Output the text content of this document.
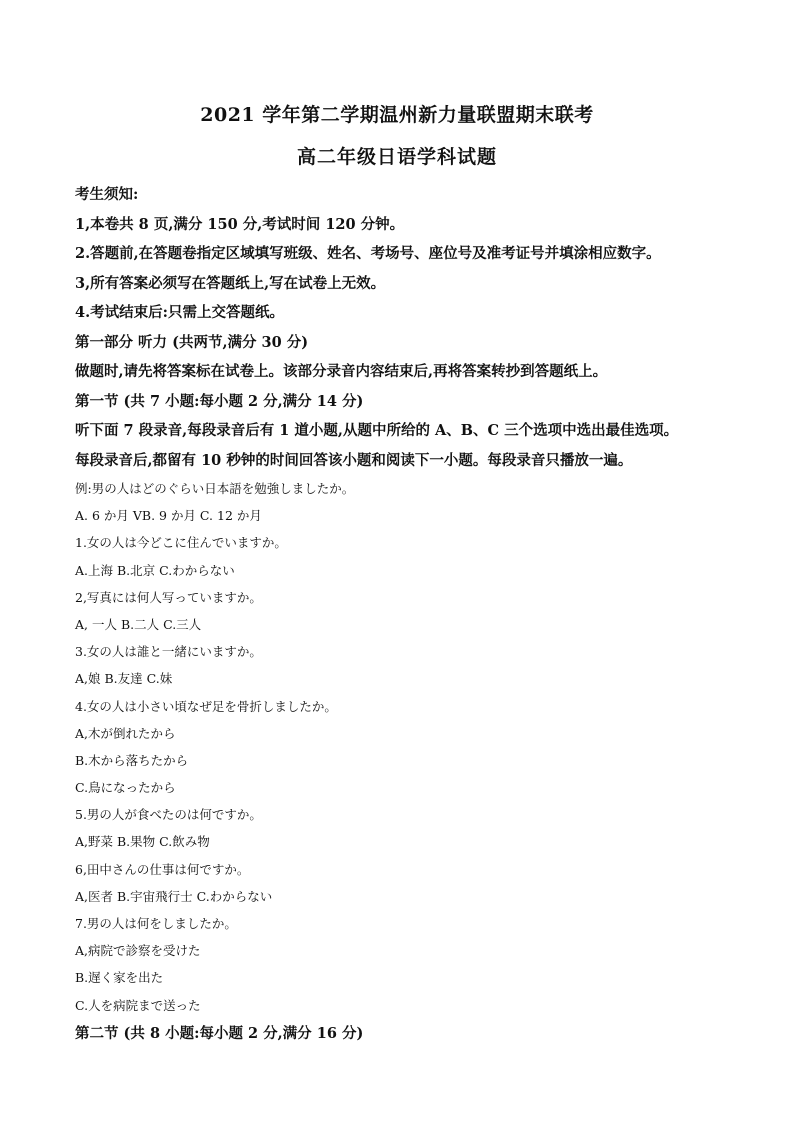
2021 学年第二学期温州新力量联盟期末联考
高二年级日语学科试题
考生须知:
1,本卷共 8 页,满分 150 分,考试时间 120 分钟。
2.答题前,在答题卷指定区域填写班级、姓名、考场号、座位号及准考证号并填涂相应数字。
3,所有答案必须写在答题纸上,写在试卷上无效。
4.考试结束后:只需上交答题纸。
第一部分 听力 (共两节,满分 30 分)
做题时,请先将答案标在试卷上。该部分录音内容结束后,再将答案转抄到答题纸上。
第一节 (共 7 小题:每小题 2 分,满分 14 分)
听下面 7 段录音,每段录音后有 1 道小题,从题中所给的 A、B、C 三个选项中选出最佳选项。
每段录音后,都留有 10 秒钟的时间回答该小题和阅读下一小题。每段录音只播放一遍。
例:男の人はどのぐらい日本語を勉強しましたか。
A. 6 か月 VB. 9 か月 C. 12 か月
1.女の人は今どこに住んでいますか。
A.上海 B.北京 C.わからない
2,写真には何人写っていますか。
A, 一人 B.二人 C.三人
3.女の人は誰と一緒にいますか。
A,娘 B.友達 C.妹
4.女の人は小さい頃なぜ足を骨折しましたか。
A,木が倒れたから
B.木から落ちたから
C.鳥になったから
5.男の人が食べたのは何ですか。
A,野菜 B.果物 C.飲み物
6,田中さんの仕事は何ですか。
A,医者 B.宇宙飛行士 C.わからない
7.男の人は何をしましたか。
A,病院で診察を受けた
B.遅く家を出た
C.人を病院まで送った
第二节 (共 8 小题:每小题 2 分,满分 16 分)
